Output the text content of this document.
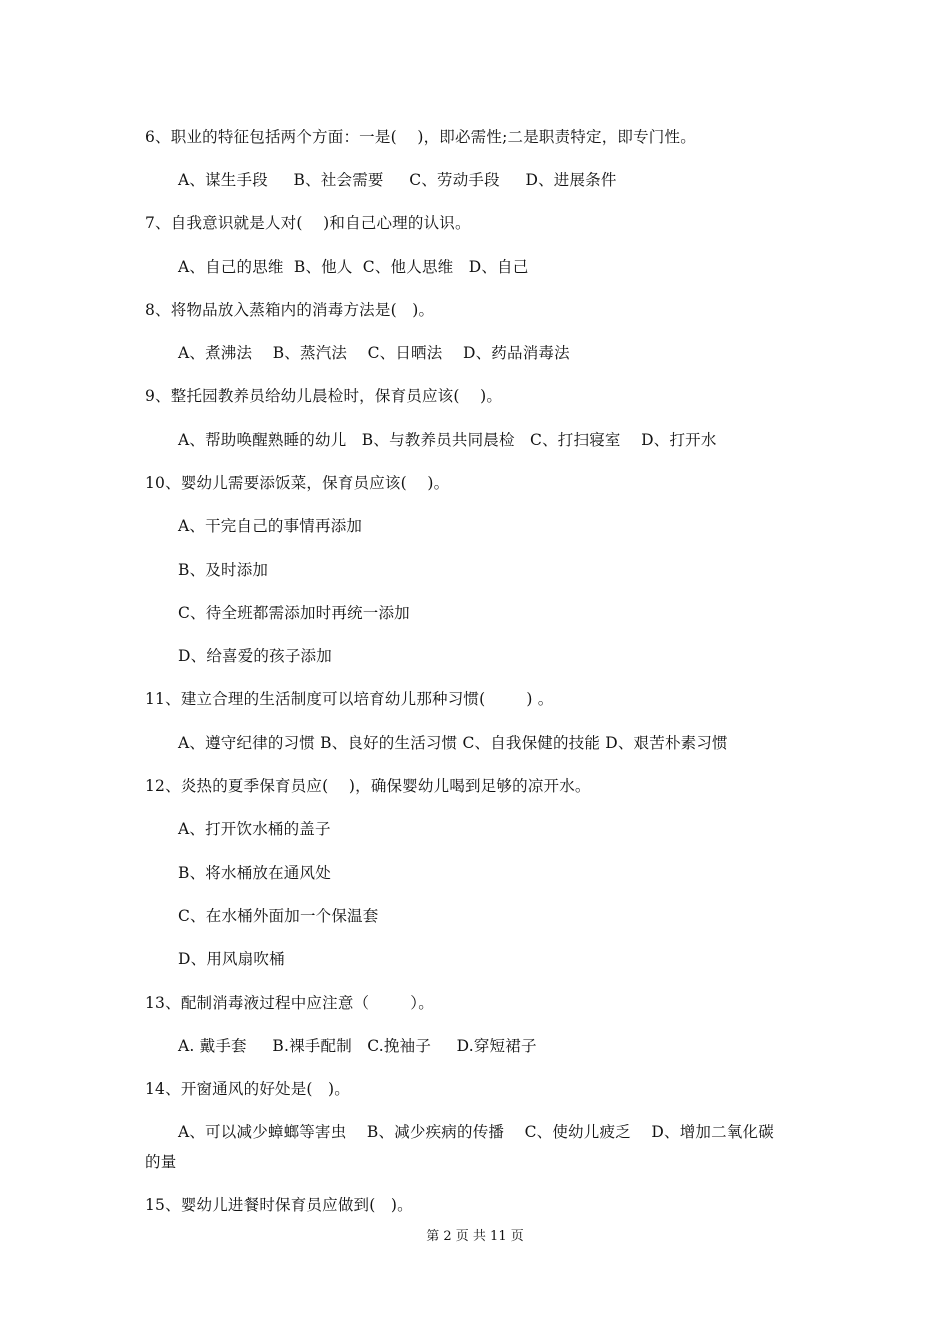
6、职业的特征包括两个方面：一是(    )，即必需性;二是职责特定，即专门性。
A、谋生手段     B、社会需要     C、劳动手段     D、进展条件
7、自我意识就是人对(    )和自己心理的认识。
A、自己的思维  B、他人  C、他人思维   D、自己
8、将物品放入蒸箱内的消毒方法是(   )。
A、煮沸法    B、蒸汽法    C、日晒法    D、药品消毒法
9、整托园教养员给幼儿晨检时，保育员应该(    )。
A、帮助唤醒熟睡的幼儿   B、与教养员共同晨检   C、打扫寝室    D、打开水
10、婴幼儿需要添饭菜，保育员应该(    )。
A、干完自己的事情再添加
B、及时添加
C、待全班都需添加时再统一添加
D、给喜爱的孩子添加
11、建立合理的生活制度可以培育幼儿那种习惯(        ) 。
A、遵守纪律的习惯 B、良好的生活习惯 C、自我保健的技能 D、艰苦朴素习惯
12、炎热的夏季保育员应(    )，确保婴幼儿喝到足够的凉开水。
A、打开饮水桶的盖子
B、将水桶放在通风处
C、在水桶外面加一个保温套
D、用风扇吹桶
13、配制消毒液过程中应注意（        ）。
A. 戴手套     B.裸手配制   C.挽袖子     D.穿短裙子
14、开窗通风的好处是(   )。
A、可以减少蟑螂等害虫    B、减少疾病的传播    C、使幼儿疲乏    D、增加二氧化碳
的量
15、婴幼儿进餐时保育员应做到(   )。
第 2 页 共 11 页
